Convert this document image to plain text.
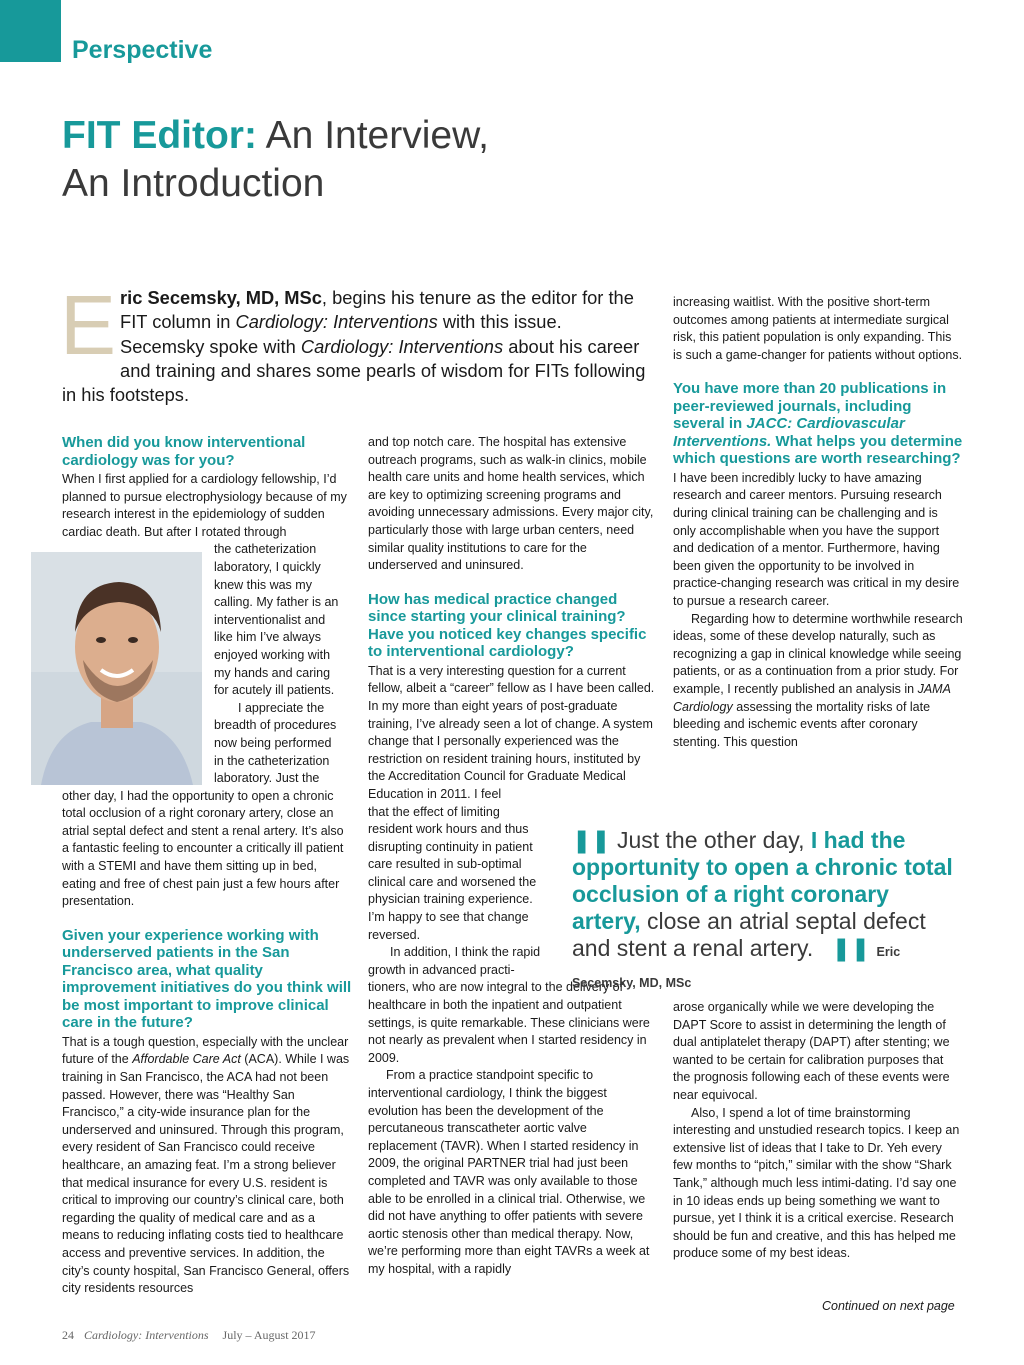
Perspective
FIT Editor: An Interview,
An Introduction

Eric Secemsky, MD, MSc, begins his tenure as the editor for the FIT column in Cardiology: Interventions with this issue. Secemsky spoke with Cardiology: Interventions about his career and training and shares some pearls of wisdom for FITs following in his footsteps.

When did you know interventional cardiology was for you?

When I first applied for a cardiology fellowship, I’d planned to pursue electrophysiology because of my research interest in the epidemiology of sudden cardiac death. But after I rotated through

the catheterization
laboratory, I quickly
knew this was my
calling. My father is an
interventionalist and
like him I’ve always
enjoyed working with
my hands and caring
for acutely ill patients.
I appreciate the
breadth of procedures
now being performed
in the catheterization
laboratory. Just the

other day, I had the opportunity to open a chronic total occlusion of a right coronary artery, close an atrial septal defect and stent a renal artery. It’s also a fantastic feeling to encounter a critically ill patient with a STEMI and have them sitting up in bed, eating and free of chest pain just a few hours after presentation.

Given your experience working with underserved patients in the San Francisco area, what quality improvement initiatives do you think will be most important to improve clinical care in the future?

That is a tough question, especially with the unclear future of the Affordable Care Act (ACA). While I was training in San Francisco, the ACA had not been passed. However, there was “Healthy San Francisco,” a city-wide insurance plan for the underserved and uninsured. Through this program, every resident of San Francisco could receive healthcare, an amazing feat. I’m a strong believer that medical insurance for every U.S. resident is critical to improving our country’s clinical care, both regarding the quality of medical care and as a means to reducing inflating costs tied to healthcare access and preventive services. In addition, the city’s county hospital, San Francisco General, offers city residents resources

and top notch care. The hospital has extensive outreach programs, such as walk-in clinics, mobile health care units and home health services, which are key to optimizing screening programs and avoiding unnecessary admissions. Every major city, particularly those with large urban centers, need similar quality institutions to care for the underserved and uninsured.

How has medical practice changed since starting your clinical training? Have you noticed key changes specific to interventional cardiology?

That is a very interesting question for a current fellow, albeit a “career” fellow as I have been called. In my more than eight years of post-graduate training, I’ve already seen a lot of change. A system change that I personally experienced was the restriction on resident training hours, instituted by the Accreditation Council for Graduate Medical

Education in 2011. I feel
that the effect of limiting
resident work hours and thus
disrupting continuity in patient
care resulted in sub-optimal
clinical care and worsened the
physician training experience.
I’m happy to see that change
reversed.
In addition, I think the rapid
growth in advanced practi-

tioners, who are now integral to the delivery of healthcare in both the inpatient and outpatient settings, is quite remarkable. These clinicians were not nearly as prevalent when I started residency in 2009.

From a practice standpoint specific to interventional cardiology, I think the biggest evolution has been the development of the percutaneous transcatheter aortic valve replacement (TAVR). When I started residency in 2009, the original PARTNER trial had just been completed and TAVR was only available to those able to be enrolled in a clinical trial. Otherwise, we did not have anything to offer patients with severe aortic stenosis other than medical therapy. Now, we’re performing more than eight TAVRs a week at my hospital, with a rapidly

increasing waitlist. With the positive short-term outcomes among patients at intermediate surgical risk, this patient population is only expanding. This is such a game-changer for patients without options.

You have more than 20 publications in peer-reviewed journals, including several in JACC: Cardiovascular Interventions. What helps you determine which questions are worth researching?

I have been incredibly lucky to have amazing research and career mentors. Pursuing research during clinical training can be challenging and is only accomplishable when you have the support and dedication of a mentor. Furthermore, having been given the opportunity to be involved in practice-changing research was critical in my desire to pursue a research career.

Regarding how to determine worthwhile research ideas, some of these develop naturally, such as recognizing a gap in clinical knowledge while seeing patients, or as a continuation from a prior study. For example, I recently published an analysis in JAMA Cardiology assessing the mortality risks of late bleeding and ischemic events after coronary stenting. This question

arose organically while we were developing the DAPT Score to assist in determining the length of dual antiplatelet therapy (DAPT) after stenting; we wanted to be certain for calibration purposes that the prognosis following each of these events were near equivocal.

Also, I spend a lot of time brainstorming interesting and unstudied research topics. I keep an extensive list of ideas that I take to Dr. Yeh every few months to “pitch,” similar with the show “Shark Tank,” although much less intimi-dating. I’d say one in 10 ideas ends up being something we want to pursue, yet I think it is a critical exercise. Research should be fun and creative, and this has helped me produce some of my best ideas.

❚❚ Just the other day, I had the opportunity to open a chronic total occlusion of a right coronary artery, close an atrial septal defect and stent a renal artery. ❚❚ Eric Secemsky, MD, MSc
Continued on next page
24 Cardiology: Interventions July – August 2017
